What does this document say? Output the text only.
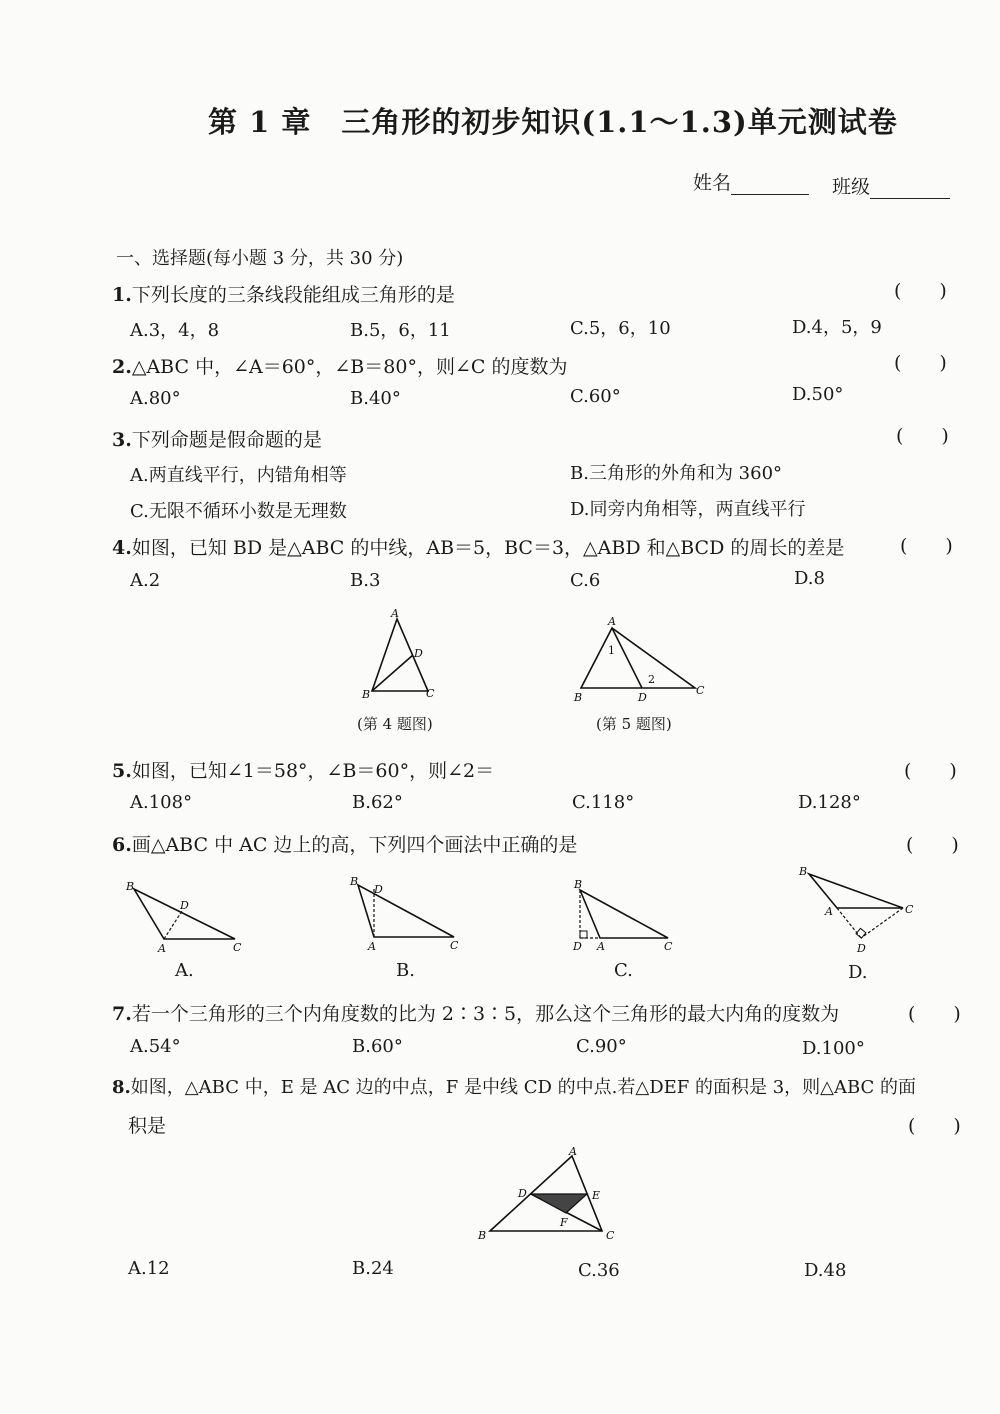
第 1 章　三角形的初步知识(1.1～1.3)单元测试卷
姓名	班级
一、选择题(每小题 3 分，共 30 分)
1.下列长度的三条线段能组成三角形的是	(　　)
A.3，4，8	B.5，6，11	C.5，6，10	D.4，5，9
2.△ABC 中，∠A＝60°，∠B＝80°，则∠C 的度数为	(　　)
A.80°	B.40°	C.60°	D.50°
3.下列命题是假命题的是	(　　)
A.两直线平行，内错角相等	B.三角形的外角和为 360°
C.无限不循环小数是无理数	D.同旁内角相等，两直线平行
4.如图，已知 BD 是△ABC 的中线，AB＝5，BC＝3，△ABD 和△BCD 的周长的差是	(　　)
A.2	B.3	C.6	D.8
A
B	C
D
(第 4 题图)
A
B
C
D
1
2
(第 5 题图)
5.如图，已知∠1＝58°，∠B＝60°，则∠2＝	(　　)
A.108°	B.62°	C.118°	D.128°
6.画△ABC 中 AC 边上的高，下列四个画法中正确的是	(　　)
B
A	C
D
A.
B
D
A	C
B.
B
D A	C
C.
B
A	C
D
D.
7.若一个三角形的三个内角度数的比为 2∶3∶5，那么这个三角形的最大内角的度数为	(　　)
A.54°	B.60°	C.90°	D.100°
8.如图，△ABC 中，E 是 AC 边的中点，F 是中线 CD 的中点.若△DEF 的面积是 3，则△ABC 的面
积是	(　　)
A
B	C
D	E
F
A.12	B.24	C.36	D.48
